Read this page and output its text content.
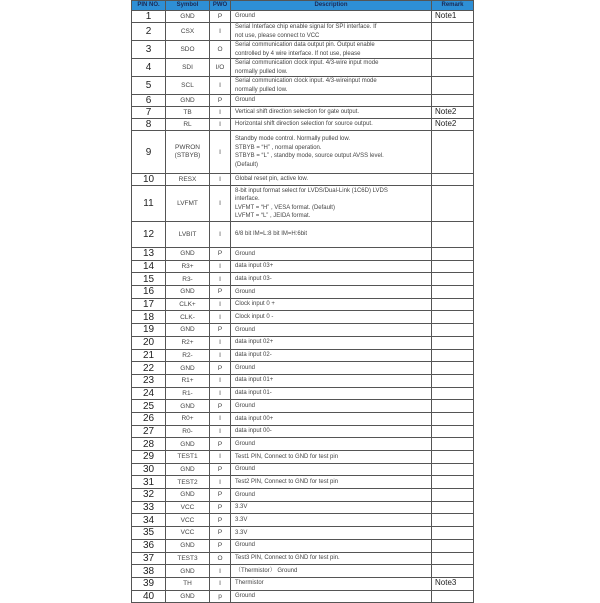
PIN NO.	Symbol	PWO	Description	Remark
1	GND	P	Ground	Note1
2	CSX	I	Serial Interface chip enable signal for SPI interface. If
not use, please connect to VCC	

3	SDO	O	Serial communication data output pin. Output enable
controlled by 4 wire interface. If not use, please	

4	SDI	I/O	Serial communication clock input. 4/3-wire input mode
normally pulled low.	

5	SCL	I	Serial communication clock input. 4/3-wireinput mode
normally pulled low.	

6	GND	P	Ground	

7	TB	I	Vertical shift direction selection for gate output.	Note2
8	RL	I	Horizontal shift direction selection for source output.	Note2
9	PWRON (STBYB)	I	Standby mode control. Normally pulled low.
STBYB = “H” , normal operation.
STBYB = “L” , standby mode, source output AVSS level.
(Default)	

10	RESX	I	Global reset pin, active low.	

11	LVFMT	I	8-bit input format select for LVDS/Dual-Link (1C6D) LVDS
interface.
LVFMT = “H” , VESA format. (Default)
LVFMT = “L” , JEIDA format.	

12	LVBIT	I	6/8 bit IM=L:8 bit IM=H:6bit	

13	GND	P	Ground	

14	R3+	I	data input 03+	

15	R3-	I	data input 03-	

16	GND	P	Ground	

17	CLK+	I	Clock input 0 +	

18	CLK-	I	Clock input 0 -	

19	GND	P	Ground	

20	R2+	I	data input 02+	

21	R2-	I	data input 02-	

22	GND	P	Ground	

23	R1+	I	data input 01+	

24	R1-	I	data input 01-	

25	GND	P	Ground	

26	R0+	I	data input 00+	

27	R0-	I	data input 00-	

28	GND	P	Ground	

29	TEST1	I	Test1 PIN, Connect to GND for test pin	

30	GND	P	Ground	

31	TEST2	I	Test2 PIN, Connect to GND for test pin	

32	GND	P	Ground	

33	VCC	P	3.3V	

34	VCC	P	3.3V	

35	VCC	P	3.3V	

36	GND	P	Ground	

37	TEST3	O	Test3 PIN, Connect to GND for test pin.	

38	GND	I	（Thermistor） Ground	

39	TH	I	Thermistor	Note3
40	GND	p	Ground	
